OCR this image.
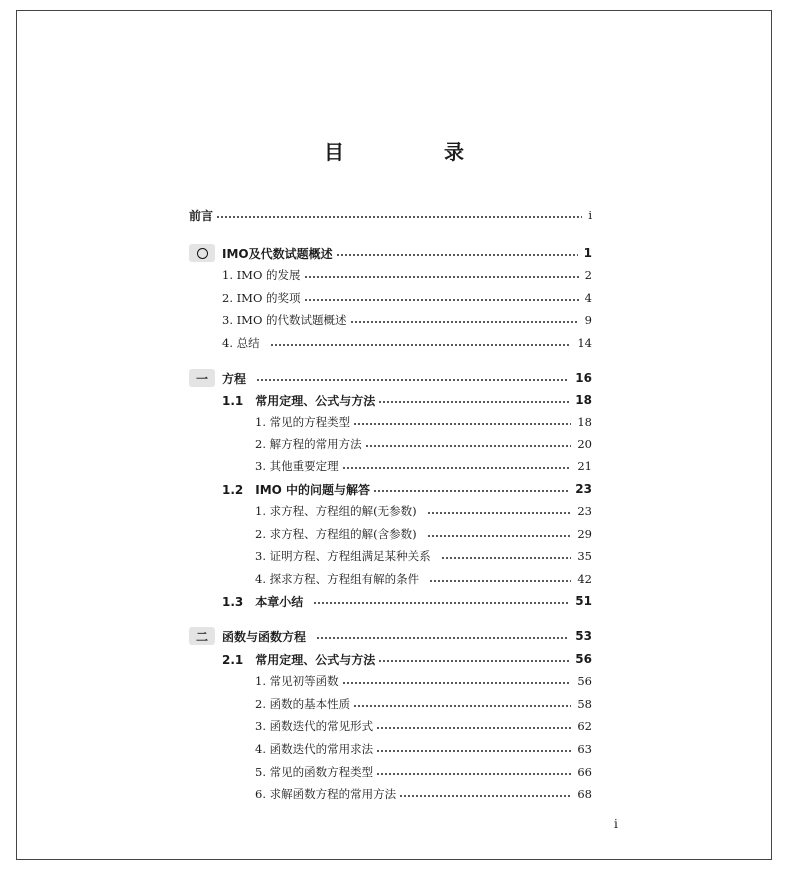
目　录
前言	i
IMO及代数试题概述	1
1. IMO 的发展	2
2. IMO 的奖项	4
3. IMO 的代数试题概述	9
4. 总结	14
一	方程	16
1.1　常用定理、公式与方法	18
1. 常见的方程类型	18
2. 解方程的常用方法	20
3. 其他重要定理	21
1.2　IMO 中的问题与解答	23
1. 求方程、方程组的解(无参数)	23
2. 求方程、方程组的解(含参数)	29
3. 证明方程、方程组满足某种关系	35
4. 探求方程、方程组有解的条件	42
1.3　本章小结	51
二	函数与函数方程	53
2.1　常用定理、公式与方法	56
1. 常见初等函数	56
2. 函数的基本性质	58
3. 函数迭代的常见形式	62
4. 函数迭代的常用求法	63
5. 常见的函数方程类型	66
6. 求解函数方程的常用方法	68
i
